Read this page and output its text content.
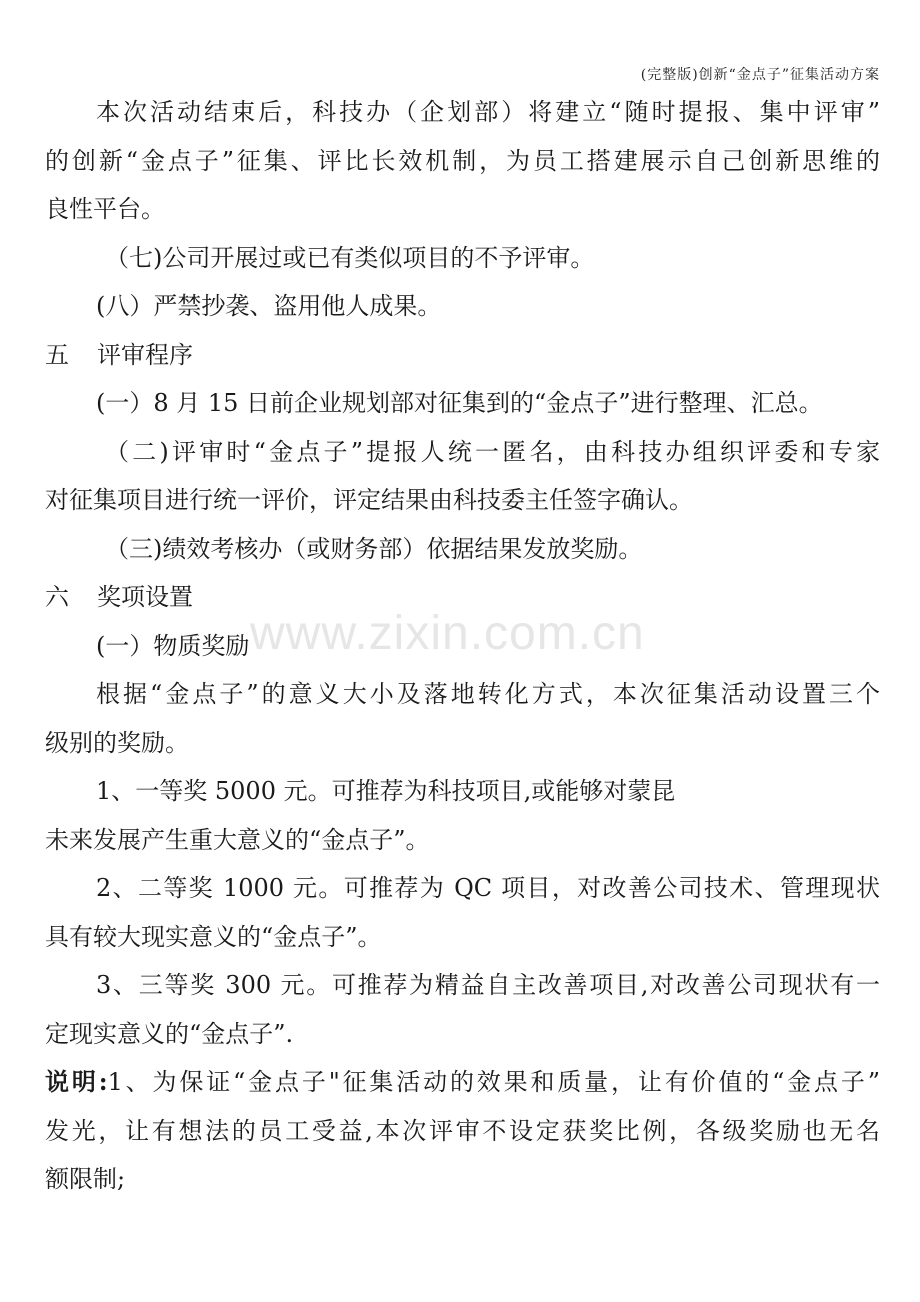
(完整版)创新“金点子”征集活动方案
www.zixin.com.cn
本次活动结束后，科技办（企划部）将建立“随时提报、集中评审”
的创新“金点子”征集、评比长效机制，为员工搭建展示自己创新思维的
良性平台。
（七)公司开展过或已有类似项目的不予评审。
(八）严禁抄袭、盗用他人成果。
五 评审程序
(一）8 月 15 日前企业规划部对征集到的“金点子”进行整理、汇总。
（二)评审时“金点子”提报人统一匿名，由科技办组织评委和专家
对征集项目进行统一评价，评定结果由科技委主任签字确认。
（三)绩效考核办（或财务部）依据结果发放奖励。
六 奖项设置
(一）物质奖励
根据“金点子”的意义大小及落地转化方式，本次征集活动设置三个
级别的奖励。
1、一等奖 5000 元。可推荐为科技项目,或能够对蒙昆
未来发展产生重大意义的“金点子”。
2、二等奖 1000 元。可推荐为 QC 项目，对改善公司技术、管理现状
具有较大现实意义的“金点子”。
3、三等奖 300 元。可推荐为精益自主改善项目,对改善公司现状有一
定现实意义的“金点子”.
说明:1、为保证“金点子"征集活动的效果和质量，让有价值的“金点子”
发光，让有想法的员工受益,本次评审不设定获奖比例，各级奖励也无名
额限制;
